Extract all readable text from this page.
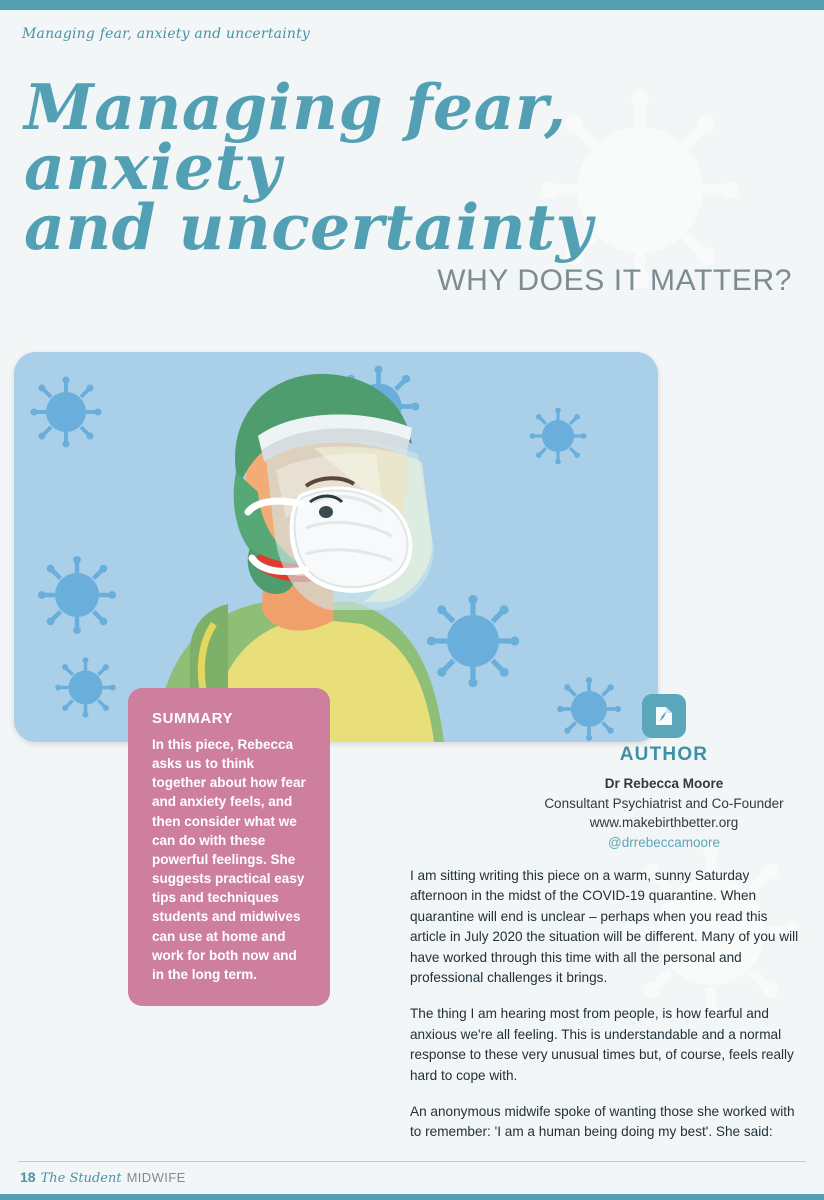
Managing fear, anxiety and uncertainty
Managing fear, anxiety
and uncertainty
WHY DOES IT MATTER?
SUMMARY
In this piece, Rebecca asks us to think together about how fear and anxiety feels, and then consider what we can do with these powerful feelings. She suggests practical easy tips and techniques students and midwives can use at home and work for both now and in the long term.
AUTHOR
Dr Rebecca Moore
Consultant Psychiatrist and Co-Founder
www.makebirthbetter.org
@drrebeccamoore

I am sitting writing this piece on a warm, sunny Saturday afternoon in the midst of the COVID-19 quarantine. When quarantine will end is unclear – perhaps when you read this article in July 2020 the situation will be different. Many of you will have worked through this time with all the personal and professional challenges it brings.

The thing I am hearing most from people, is how fearful and anxious we're all feeling. This is understandable and a normal response to these very unusual times but, of course, feels really hard to cope with.

An anonymous midwife spoke of wanting those she worked with to remember: 'I am a human being doing my best'. She said:

18 The Student MIDWIFE
